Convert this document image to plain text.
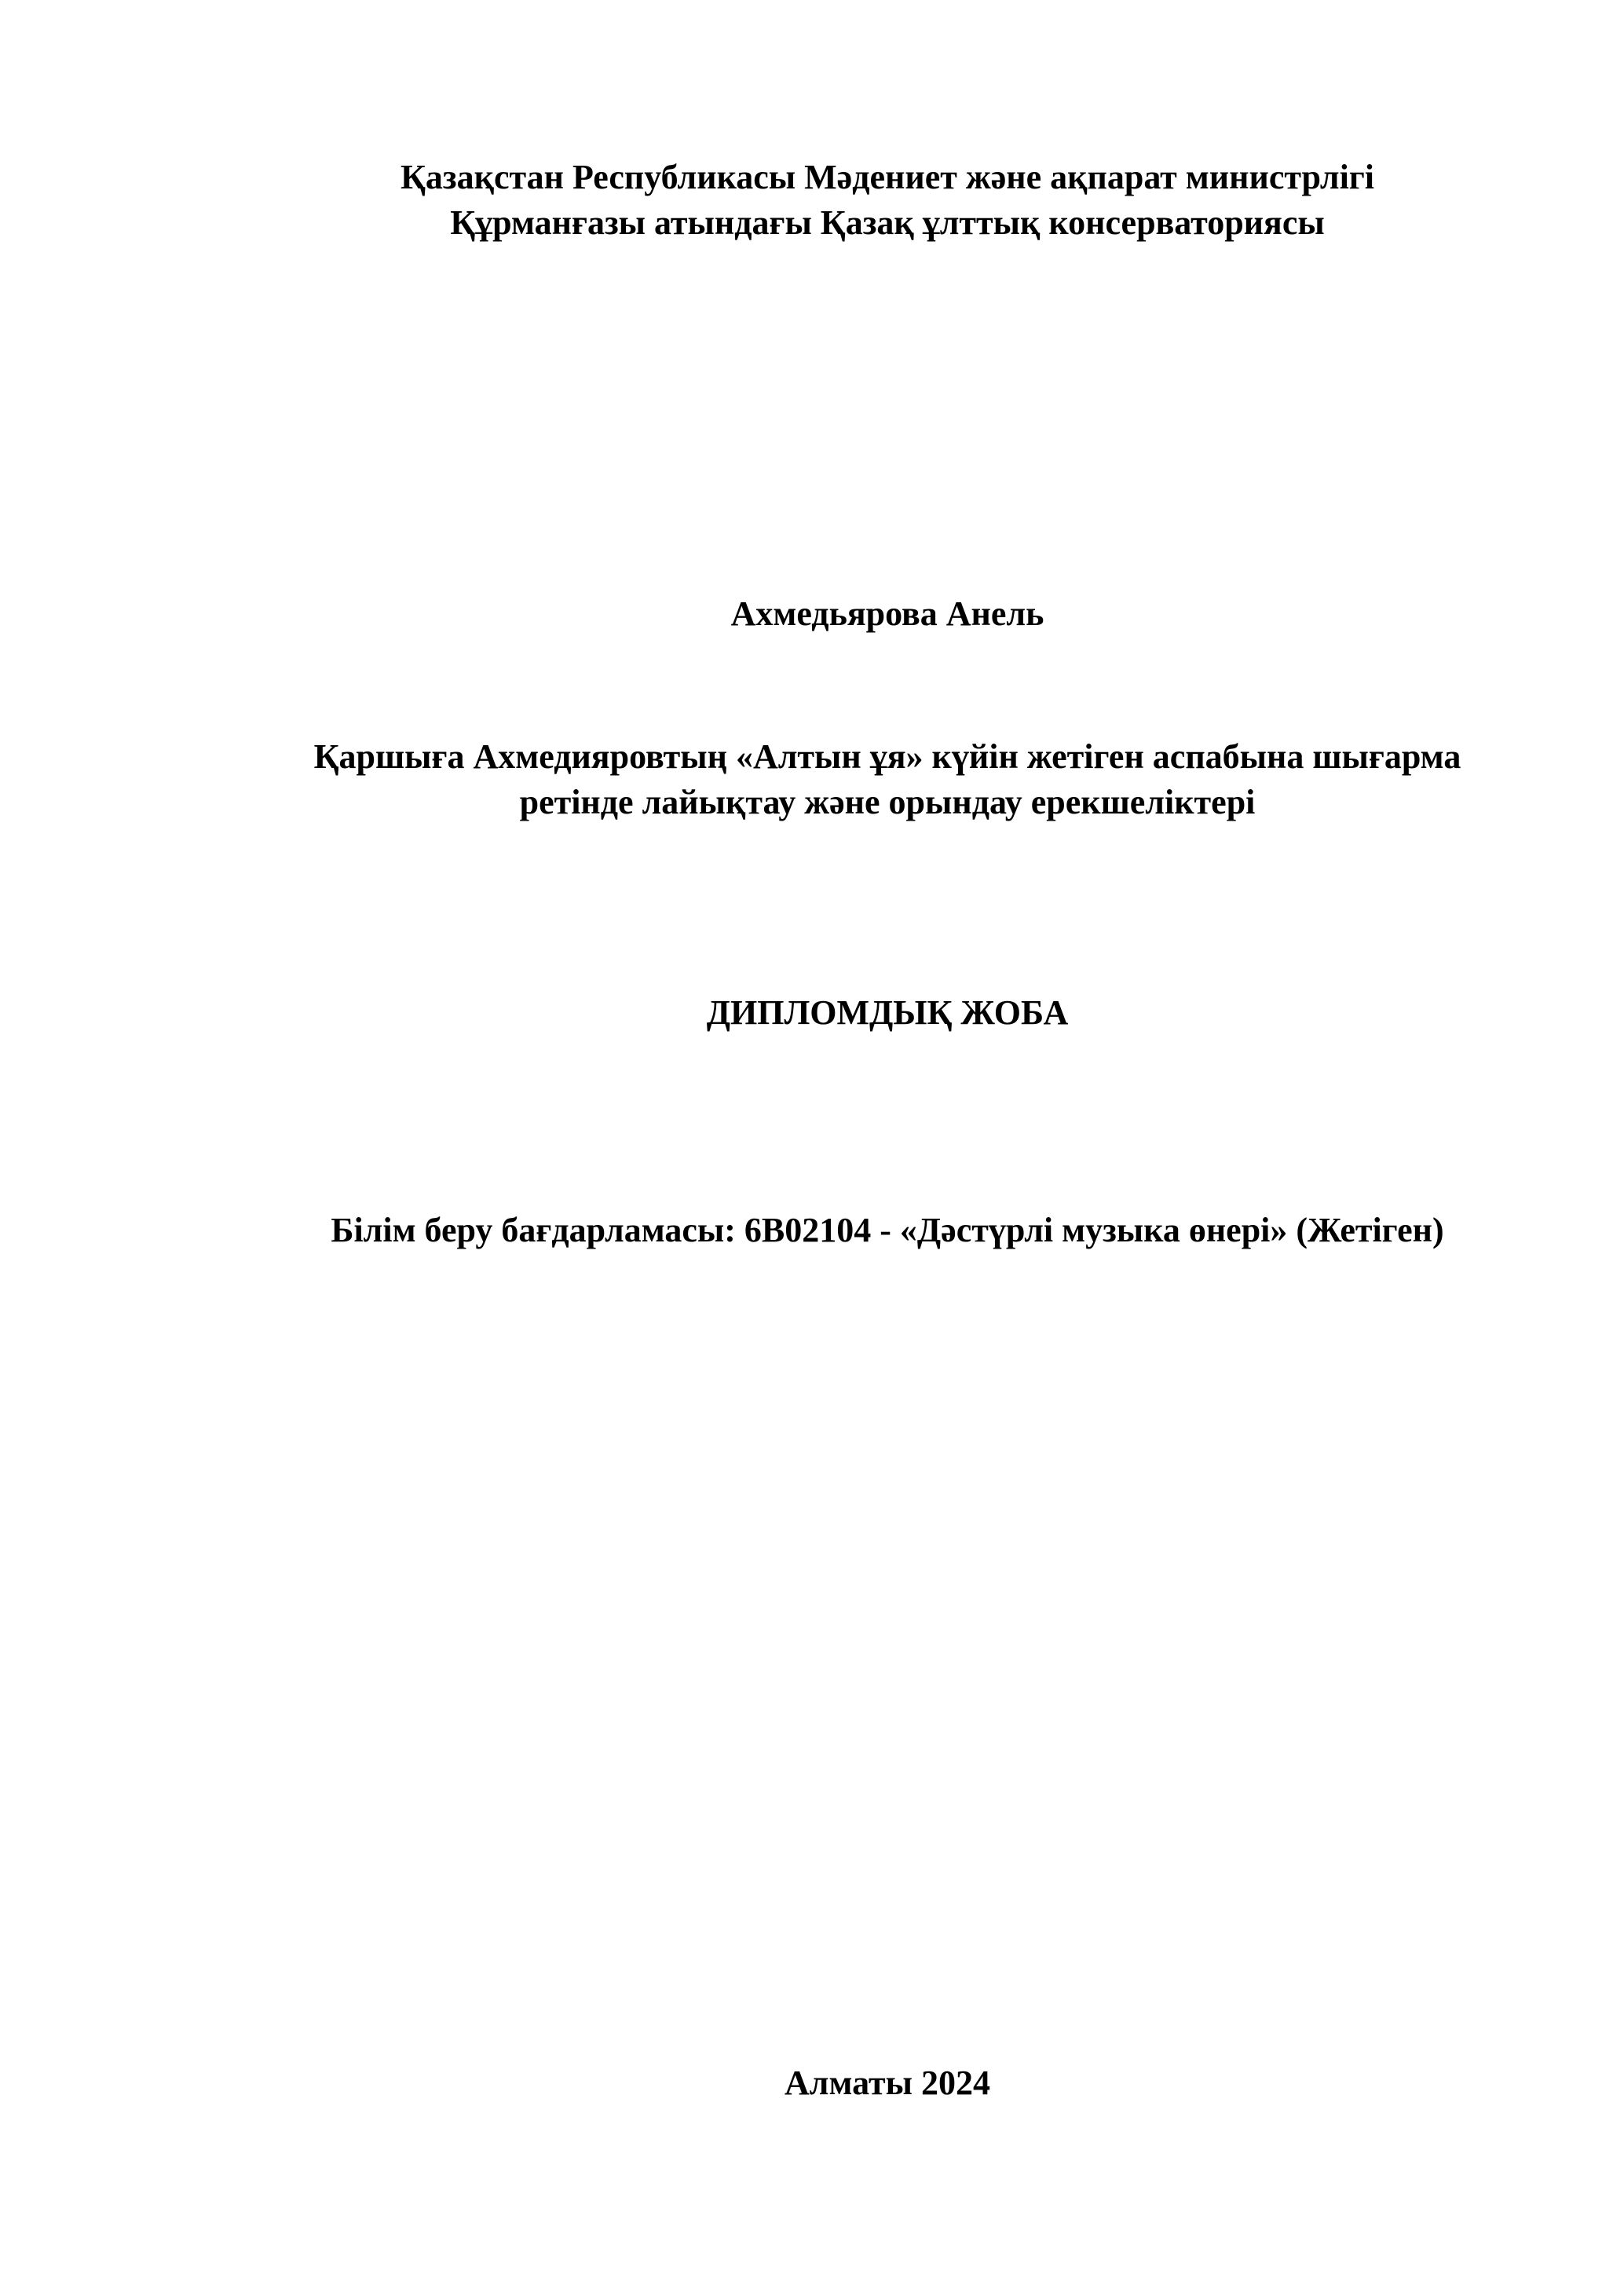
Қазақстан Республикасы Мәдениет және ақпарат министрлігі
Құрманғазы атындағы Қазақ ұлттық консерваториясы
Ахмедьярова Анель
Қаршыға Ахмедияровтың «Алтын ұя» күйін жетіген аспабына шығарма
ретінде лайықтау және орындау ерекшеліктері
ДИПЛОМДЫҚ ЖОБА
Білім беру бағдарламасы: 6В02104 - «Дәстүрлі музыка өнері» (Жетіген)
Алматы 2024
